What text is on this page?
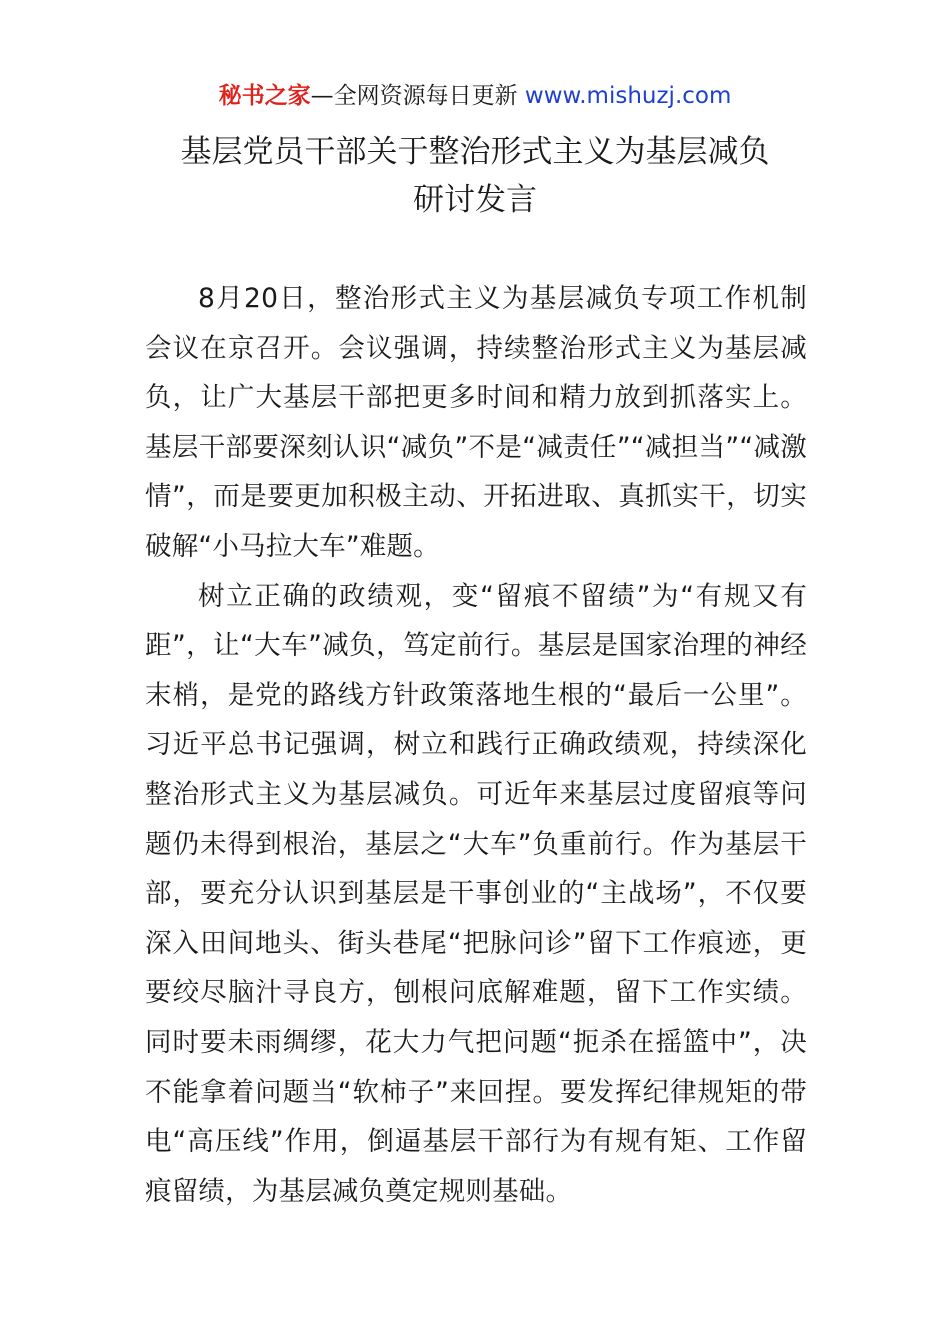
秘书之家—全网资源每日更新 www.mishuzj.com
基层党员干部关于整治形式主义为基层减负
研讨发言

8月20日，整治形式主义为基层减负专项工作机制会议在京召开。会议强调，持续整治形式主义为基层减负，让广大基层干部把更多时间和精力放到抓落实上。基层干部要深刻认识“减负”不是“减责任”“减担当”“减激情”，而是要更加积极主动、开拓进取、真抓实干，切实破解“小马拉大车”难题。

树立正确的政绩观，变“留痕不留绩”为“有规又有距”，让“大车”减负，笃定前行。基层是国家治理的神经末梢，是党的路线方针政策落地生根的“最后一公里”。习近平总书记强调，树立和践行正确政绩观，持续深化整治形式主义为基层减负。可近年来基层过度留痕等问题仍未得到根治，基层之“大车”负重前行。作为基层干部，要充分认识到基层是干事创业的“主战场”，不仅要深入田间地头、街头巷尾“把脉问诊”留下工作痕迹，更要绞尽脑汁寻良方，刨根问底解难题，留下工作实绩。同时要未雨绸缪，花大力气把问题“扼杀在摇篮中”，决不能拿着问题当“软柿子”来回捏。要发挥纪律规矩的带电“高压线”作用，倒逼基层干部行为有规有矩、工作留痕留绩，为基层减负奠定规则基础。
